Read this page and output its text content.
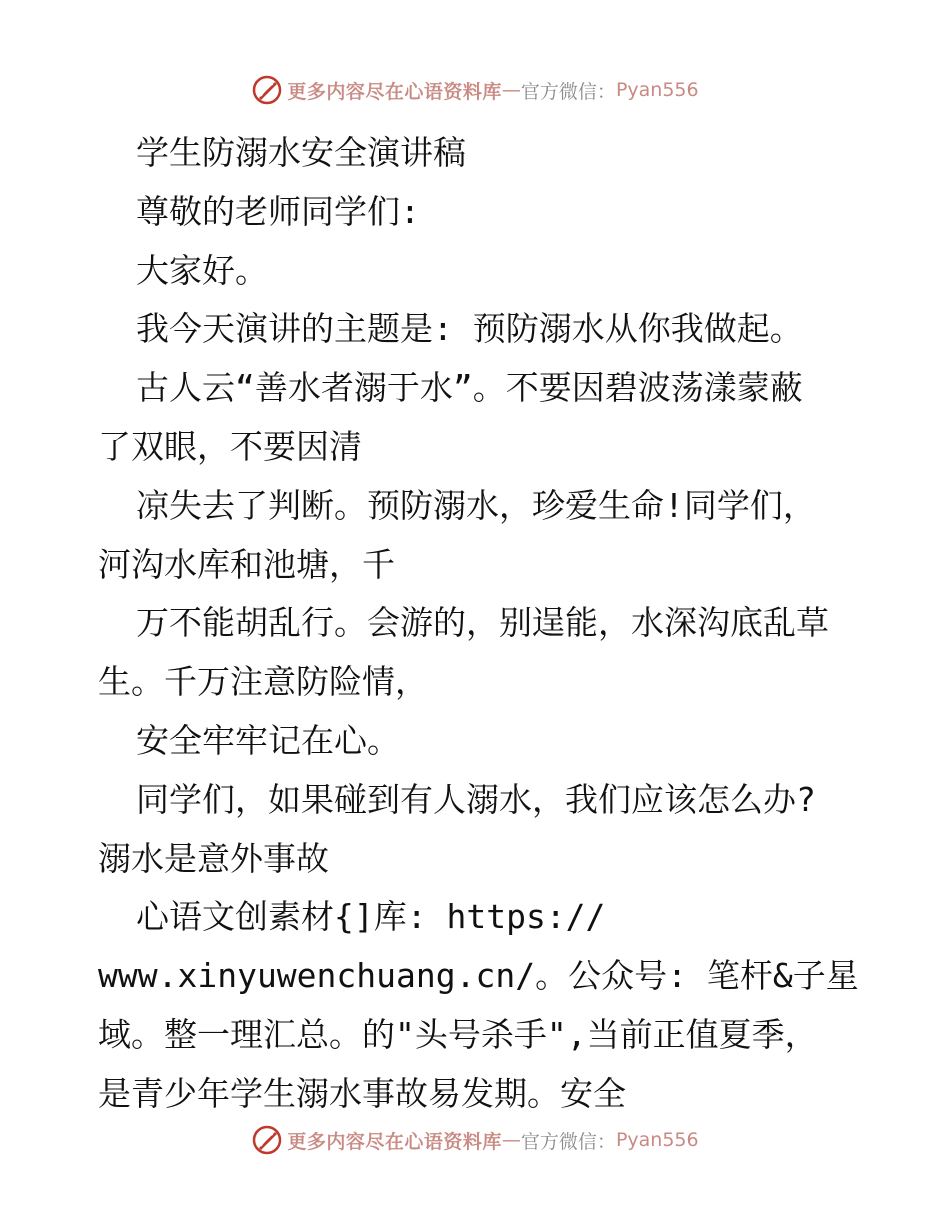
更多内容尽在心语资料库 — 官方微信： Pyan556
学生防溺水安全演讲稿
尊敬的老师同学们:
大家好。
我今天演讲的主题是: 预防溺水从你我做起。
古人云“善水者溺于水”。不要因碧波荡漾蒙蔽
了双眼，不要因清
凉失去了判断。预防溺水，珍爱生命!同学们，
河沟水库和池塘，千
万不能胡乱行。会游的，别逞能，水深沟底乱草
生。千万注意防险情，
安全牢牢记在心。
同学们，如果碰到有人溺水，我们应该怎么办?
溺水是意外事故
心语文创素材{]库: https://
www.xinyuwenchuang.cn/。公众号: 笔杆&子星
域。整一理汇总。的"头号杀手",当前正值夏季，
是青少年学生溺水事故易发期。安全
更多内容尽在心语资料库 — 官方微信： Pyan556
